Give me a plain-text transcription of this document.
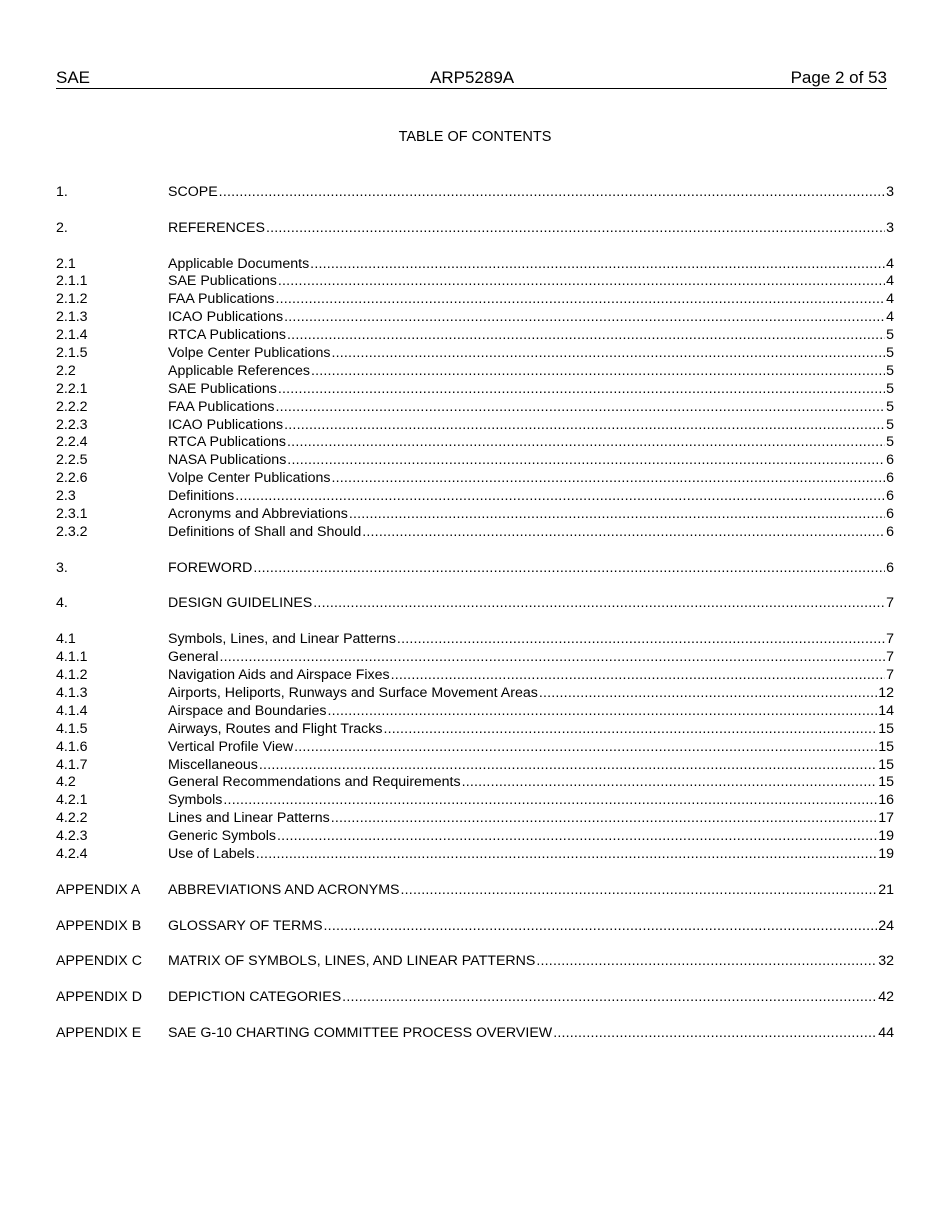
SAE	ARP5289A	Page 2 of 53
TABLE OF CONTENTS
1.	SCOPE .....	3
2.	REFERENCES .....	3
2.1	Applicable Documents .....	4
2.1.1	SAE Publications .....	4
2.1.2	FAA Publications .....	4
2.1.3	ICAO Publications .....	4
2.1.4	RTCA Publications .....	5
2.1.5	Volpe Center Publications .....	5
2.2	Applicable References .....	5
2.2.1	SAE Publications .....	5
2.2.2	FAA Publications .....	5
2.2.3	ICAO Publications .....	5
2.2.4	RTCA Publications .....	5
2.2.5	NASA Publications .....	6
2.2.6	Volpe Center Publications .....	6
2.3	Definitions .....	6
2.3.1	Acronyms and Abbreviations .....	6
2.3.2	Definitions of Shall and Should .....	6
3.	FOREWORD .....	6
4.	DESIGN GUIDELINES .....	7
4.1	Symbols, Lines, and Linear Patterns .....	7
4.1.1	General .....	7
4.1.2	Navigation Aids and Airspace Fixes .....	7
4.1.3	Airports, Heliports, Runways and Surface Movement Areas .....	12
4.1.4	Airspace and Boundaries .....	14
4.1.5	Airways, Routes and Flight Tracks .....	15
4.1.6	Vertical Profile View .....	15
4.1.7	Miscellaneous .....	15
4.2	General Recommendations and Requirements .....	15
4.2.1	Symbols .....	16
4.2.2	Lines and Linear Patterns .....	17
4.2.3	Generic Symbols .....	19
4.2.4	Use of Labels .....	19
APPENDIX A	ABBREVIATIONS AND ACRONYMS .....	21
APPENDIX B	GLOSSARY OF TERMS .....	24
APPENDIX C	MATRIX OF SYMBOLS, LINES, AND LINEAR PATTERNS .....	32
APPENDIX D	DEPICTION CATEGORIES .....	42
APPENDIX E	SAE G-10 CHARTING COMMITTEE PROCESS OVERVIEW .....	44
